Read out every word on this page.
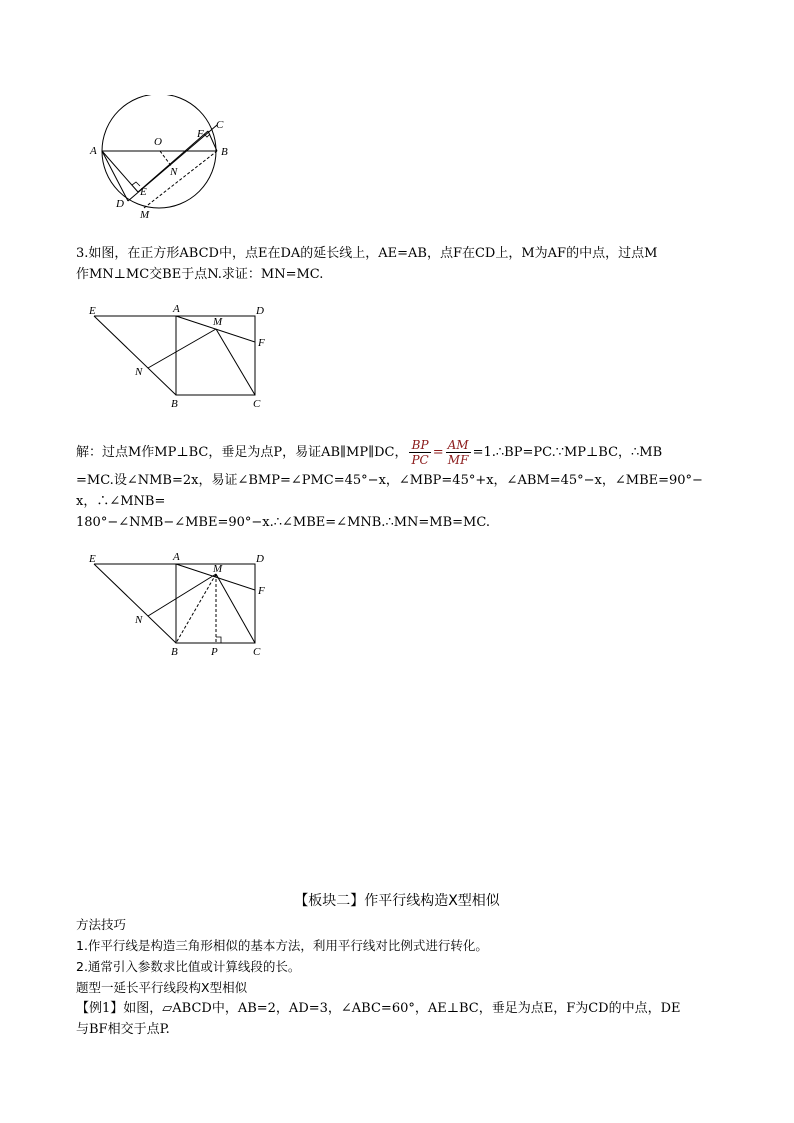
A	B
C
D
E
F
O
N
M
3.如图，在正方形ABCD中，点E在DA的延长线上，AE=AB，点F在CD上，M为AF的中点，过点M
作MN⊥MC交BE于点N.求证：MN=MC.
E	A
M
D
F
N
B	C
解：过点M作MP⊥BC，垂足为点P，易证AB∥MP∥DC， $\frac{BP}{PC} = \frac{AM}{MF}$ =1.∴BP=PC.∵MP⊥BC，∴MB
=MC.设∠NMB=2x，易证∠BMP=∠PMC=45°−x，∠MBP=45°+x，∠ABM=45°−x，∠MBE=90°−
x，∴∠MNB=
180°−∠NMB−∠MBE=90°−x.∴∠MBE=∠MNB.∴MN=MB=MC.
E	A
M
D
F
N
B	P	C
【板块二】作平行线构造X型相似
方法技巧
1.作平行线是构造三角形相似的基本方法，利用平行线对比例式进行转化。
2.通常引入参数求比值或计算线段的长。
题型一延长平行线段构X型相似
【例1】如图，▱ABCD中，AB=2，AD=3，∠ABC=60°，AE⊥BC，垂足为点E，F为CD的中点，DE
与BF相交于点P.
